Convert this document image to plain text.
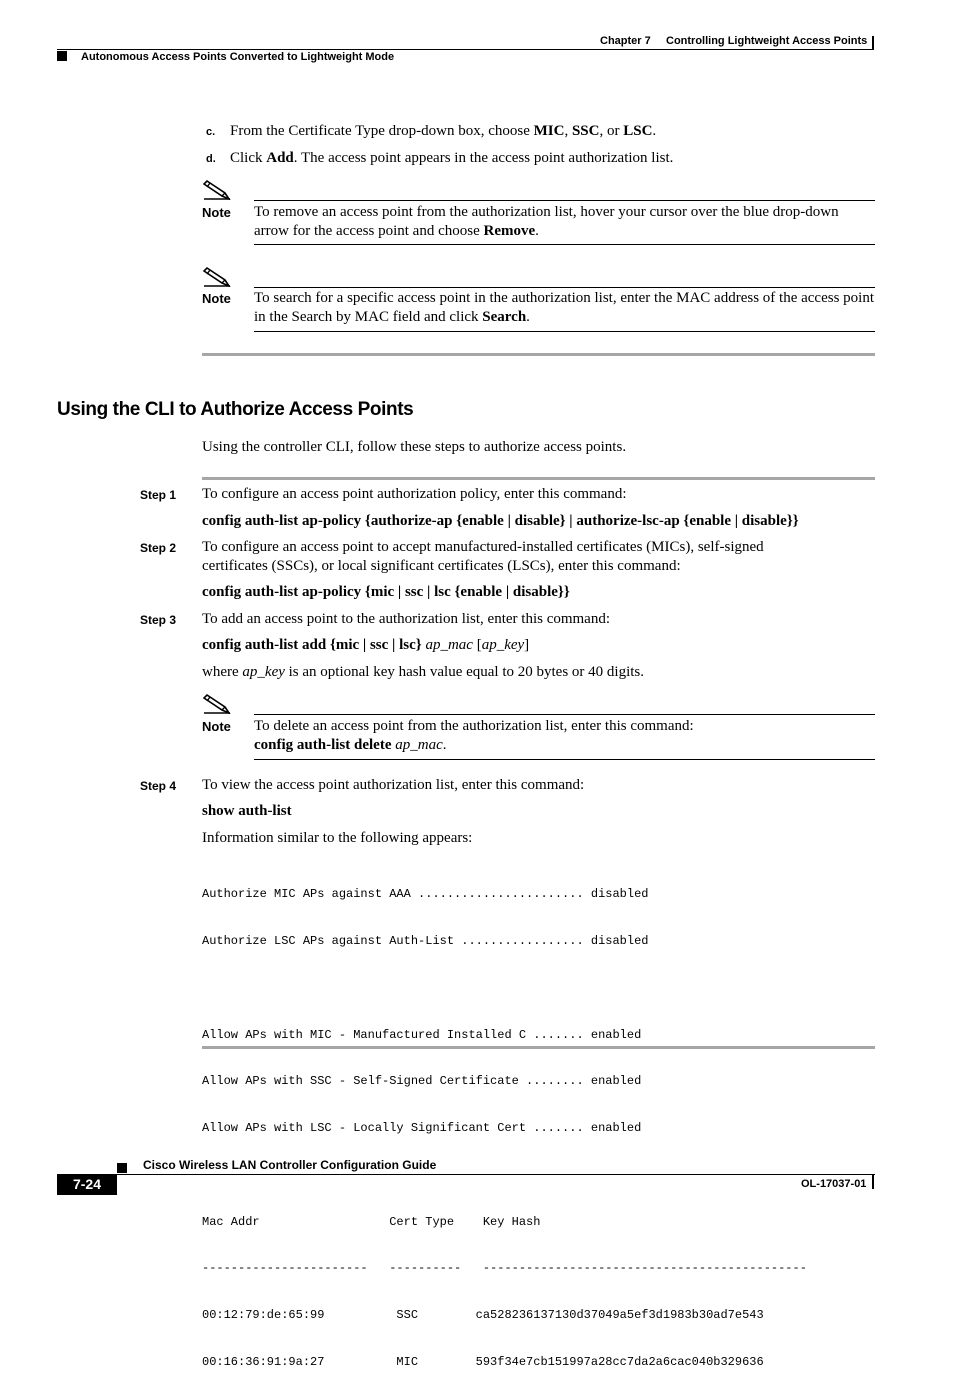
Chapter 7 Controlling Lightweight Access Points
Autonomous Access Points Converted to Lightweight Mode
c. From the Certificate Type drop-down box, choose MIC, SSC, or LSC.
d. Click Add. The access point appears in the access point authorization list.
Note To remove an access point from the authorization list, hover your cursor over the blue drop-down arrow for the access point and choose Remove.
Note To search for a specific access point in the authorization list, enter the MAC address of the access point in the Search by MAC field and click Search.
Using the CLI to Authorize Access Points
Using the controller CLI, follow these steps to authorize access points.
Step 1 To configure an access point authorization policy, enter this command:
config auth-list ap-policy {authorize-ap {enable | disable} | authorize-lsc-ap {enable | disable}}
Step 2 To configure an access point to accept manufactured-installed certificates (MICs), self-signed
certificates (SSCs), or local significant certificates (LSCs), enter this command:
config auth-list ap-policy {mic | ssc | lsc {enable | disable}}
Step 3 To add an access point to the authorization list, enter this command:
config auth-list add {mic | ssc | lsc} ap_mac [ap_key]
where ap_key is an optional key hash value equal to 20 bytes or 40 digits.
Note To delete an access point from the authorization list, enter this command:
config auth-list delete ap_mac.
Step 4 To view the access point authorization list, enter this command:
show auth-list
Information similar to the following appears:

Authorize MIC APs against AAA ....................... disabled

Authorize LSC APs against Auth-List ................. disabled

Allow APs with MIC - Manufactured Installed C ....... enabled

Allow APs with SSC - Self-Signed Certificate ........ enabled

Allow APs with LSC - Locally Significant Cert ....... enabled

Mac Addr                  Cert Type    Key Hash

-----------------------   ----------   ---------------------------------------------

00:12:79:de:65:99          SSC        ca528236137130d37049a5ef3d1983b30ad7e543

00:16:36:91:9a:27          MIC        593f34e7cb151997a28cc7da2a6cac040b329636

Cisco Wireless LAN Controller Configuration Guide
7-24	OL-17037-01
